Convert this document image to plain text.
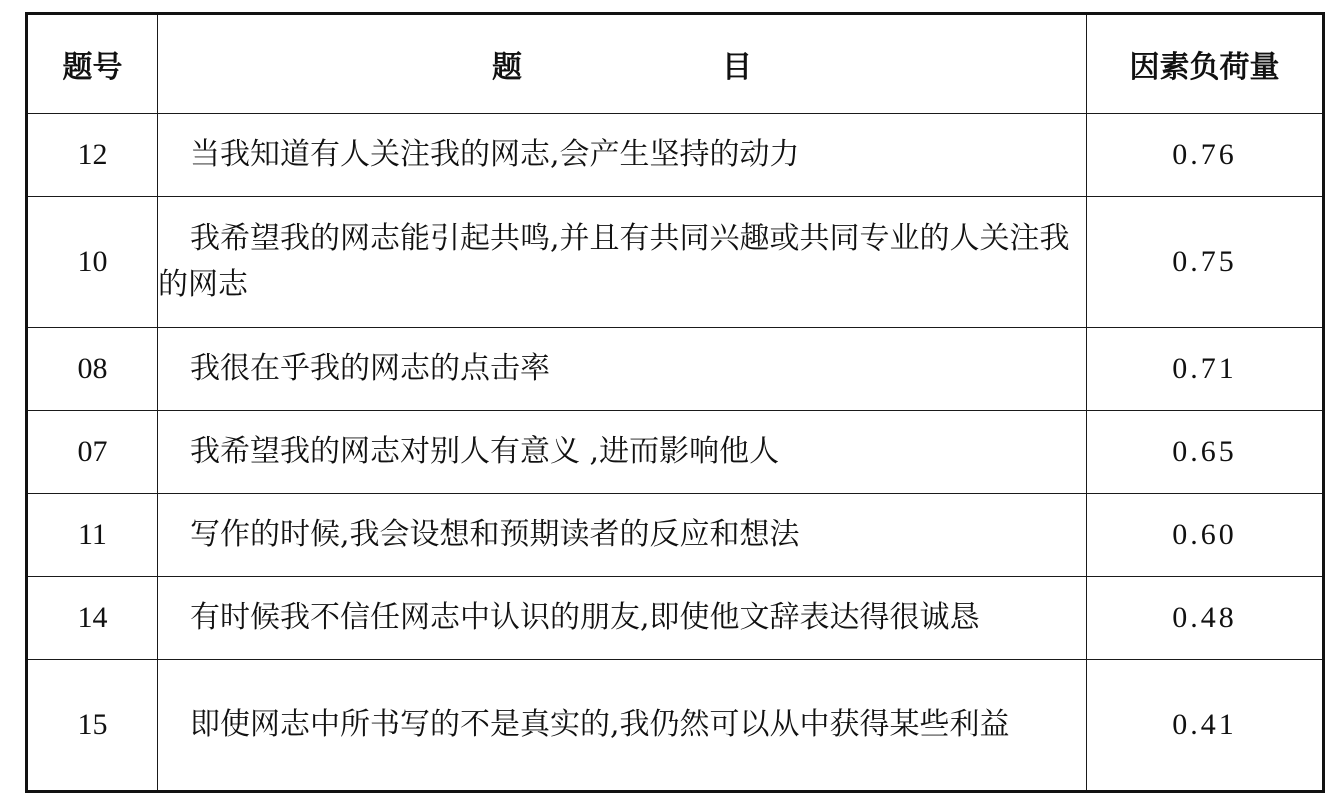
题号	题 目	因素负荷量
12	当我知道有人关注我的网志,会产生坚持的动力	0.76
10	我希望我的网志能引起共鸣,并且有共同兴趣或共同专业的人关注我的网志	0.75
08	我很在乎我的网志的点击率	0.71
07	我希望我的网志对别人有意义 ,进而影响他人	0.65
11	写作的时候,我会设想和预期读者的反应和想法	0.60
14	有时候我不信任网志中认识的朋友,即使他文辞表达得很诚恳	0.48
15	即使网志中所书写的不是真实的,我仍然可以从中获得某些利益	0.41
